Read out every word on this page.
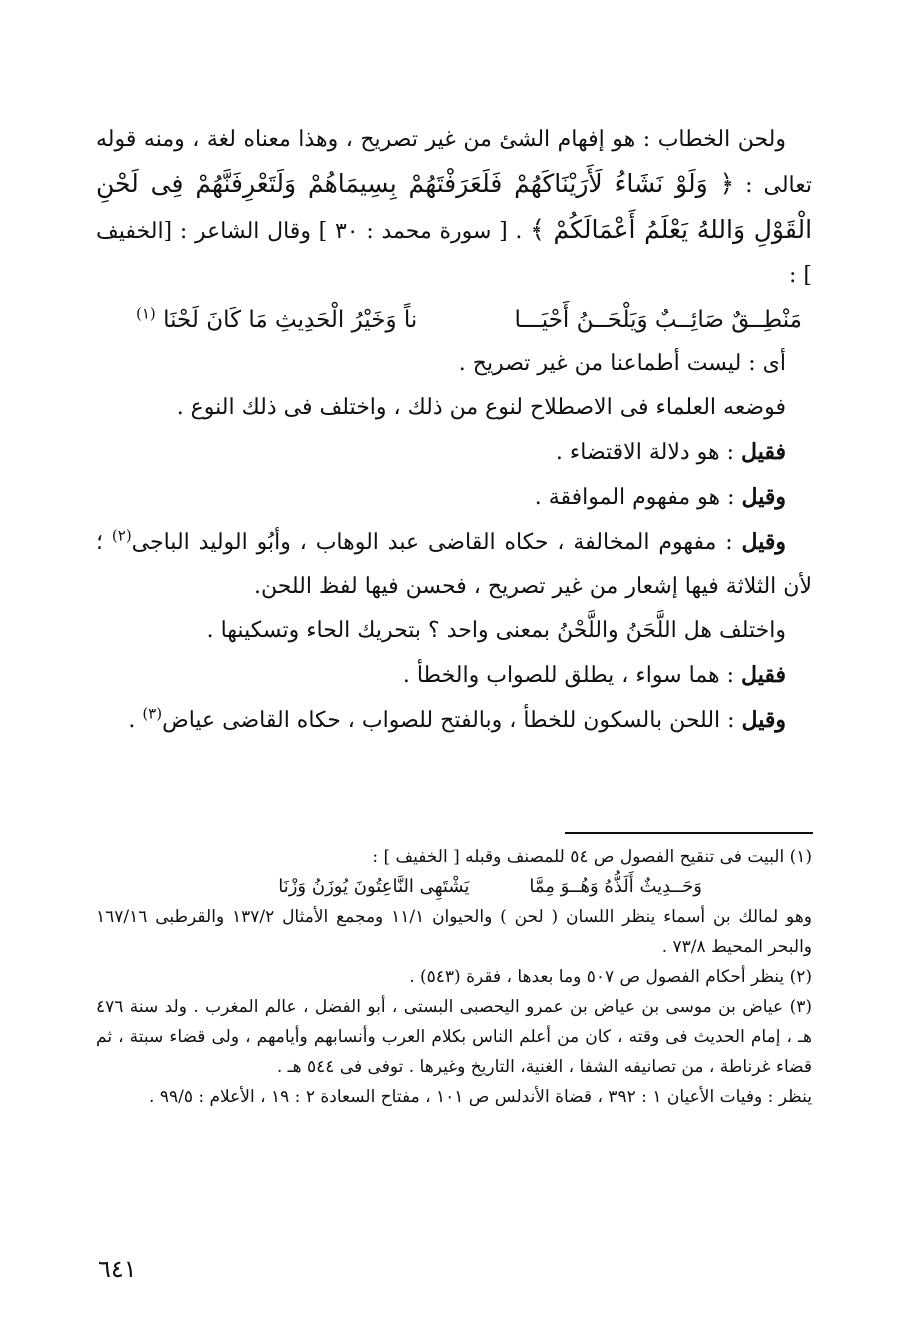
ولحن الخطاب : هو إفهام الشئ من غير تصريح ، وهذا معناه لغة ، ومنه قوله تعالى : ﴿ وَلَوْ نَشَاءُ لَأَرَيْنَاكَهُمْ فَلَعَرَفْتَهُمْ بِسِيمَاهُمْ وَلَتَعْرِفَنَّهُمْ فِى لَحْنِ الْقَوْلِ وَاللهُ يَعْلَمُ أَعْمَالَكُمْ ﴾ . [ سورة محمد : ٣٠ ] وقال الشاعر : [الخفيف ] :

مَنْطِــقٌ صَائِــبٌ وَيَلْحَــنُ أَحْيَـــا
ناً وَخَيْرُ الْحَدِيثِ مَا كَانَ لَحْنَا $^{(١)}$

أى : ليست أطماعنا من غير تصريح .

فوضعه العلماء فى الاصطلاح لنوع من ذلك ، واختلف فى ذلك النوع .

فقيل : هو دلالة الاقتضاء .

وقيل : هو مفهوم الموافقة .

وقيل : مفهوم المخالفة ، حكاه القاضى عبد الوهاب ، وأبُو الوليد الباجى$^{(٢)}$ ؛ لأن الثلاثة فيها إشعار من غير تصريح ، فحسن فيها لفظ اللحن.

واختلف هل اللَّحَنُ واللَّحْنُ بمعنى واحد ؟ بتحريك الحاء وتسكينها .

فقيل : هما سواء ، يطلق للصواب والخطأ .

وقيل : اللحن بالسكون للخطأ ، وبالفتح للصواب ، حكاه القاضى عياض$^{(٣)}$ .

(١) البيت فى تنقيح الفصول ص ٥٤ للمصنف وقبله [ الخفيف ] :

وَحَــدِيثٌ أَلَذُّهُ وَهُــوَ مِمَّا
يَشْتَهِى النَّاعِتُونَ يُوزَنُ وَزْنَا

وهو لمالك بن أسماء ينظر اللسان ( لحن ) والحيوان ١١/١ ومجمع الأمثال ١٣٧/٢ والقرطبى ١٦٧/١٦ والبحر المحيط ٧٣/٨ .

(٢) ينظر أحكام الفصول ص ٥٠٧ وما بعدها ، فقرة (٥٤٣) .

(٣) عياض بن موسى بن عياض بن عمرو اليحصبى البستى ، أبو الفضل ، عالم المغرب . ولد سنة ٤٧٦ هـ ، إمام الحديث فى وقته ، كان من أعلم الناس بكلام العرب وأنسابهم وأيامهم ، ولى قضاء سبتة ، ثم قضاء غرناطة ، من تصانيفه الشفا ، الغنية، التاريخ وغيرها . توفى فى ٥٤٤ هـ .

ينظر : وفيات الأعيان ١ : ٣٩٢ ، قضاة الأندلس ص ١٠١ ، مفتاح السعادة ٢ : ١٩ ، الأعلام : ٩٩/٥ .

٦٤١
